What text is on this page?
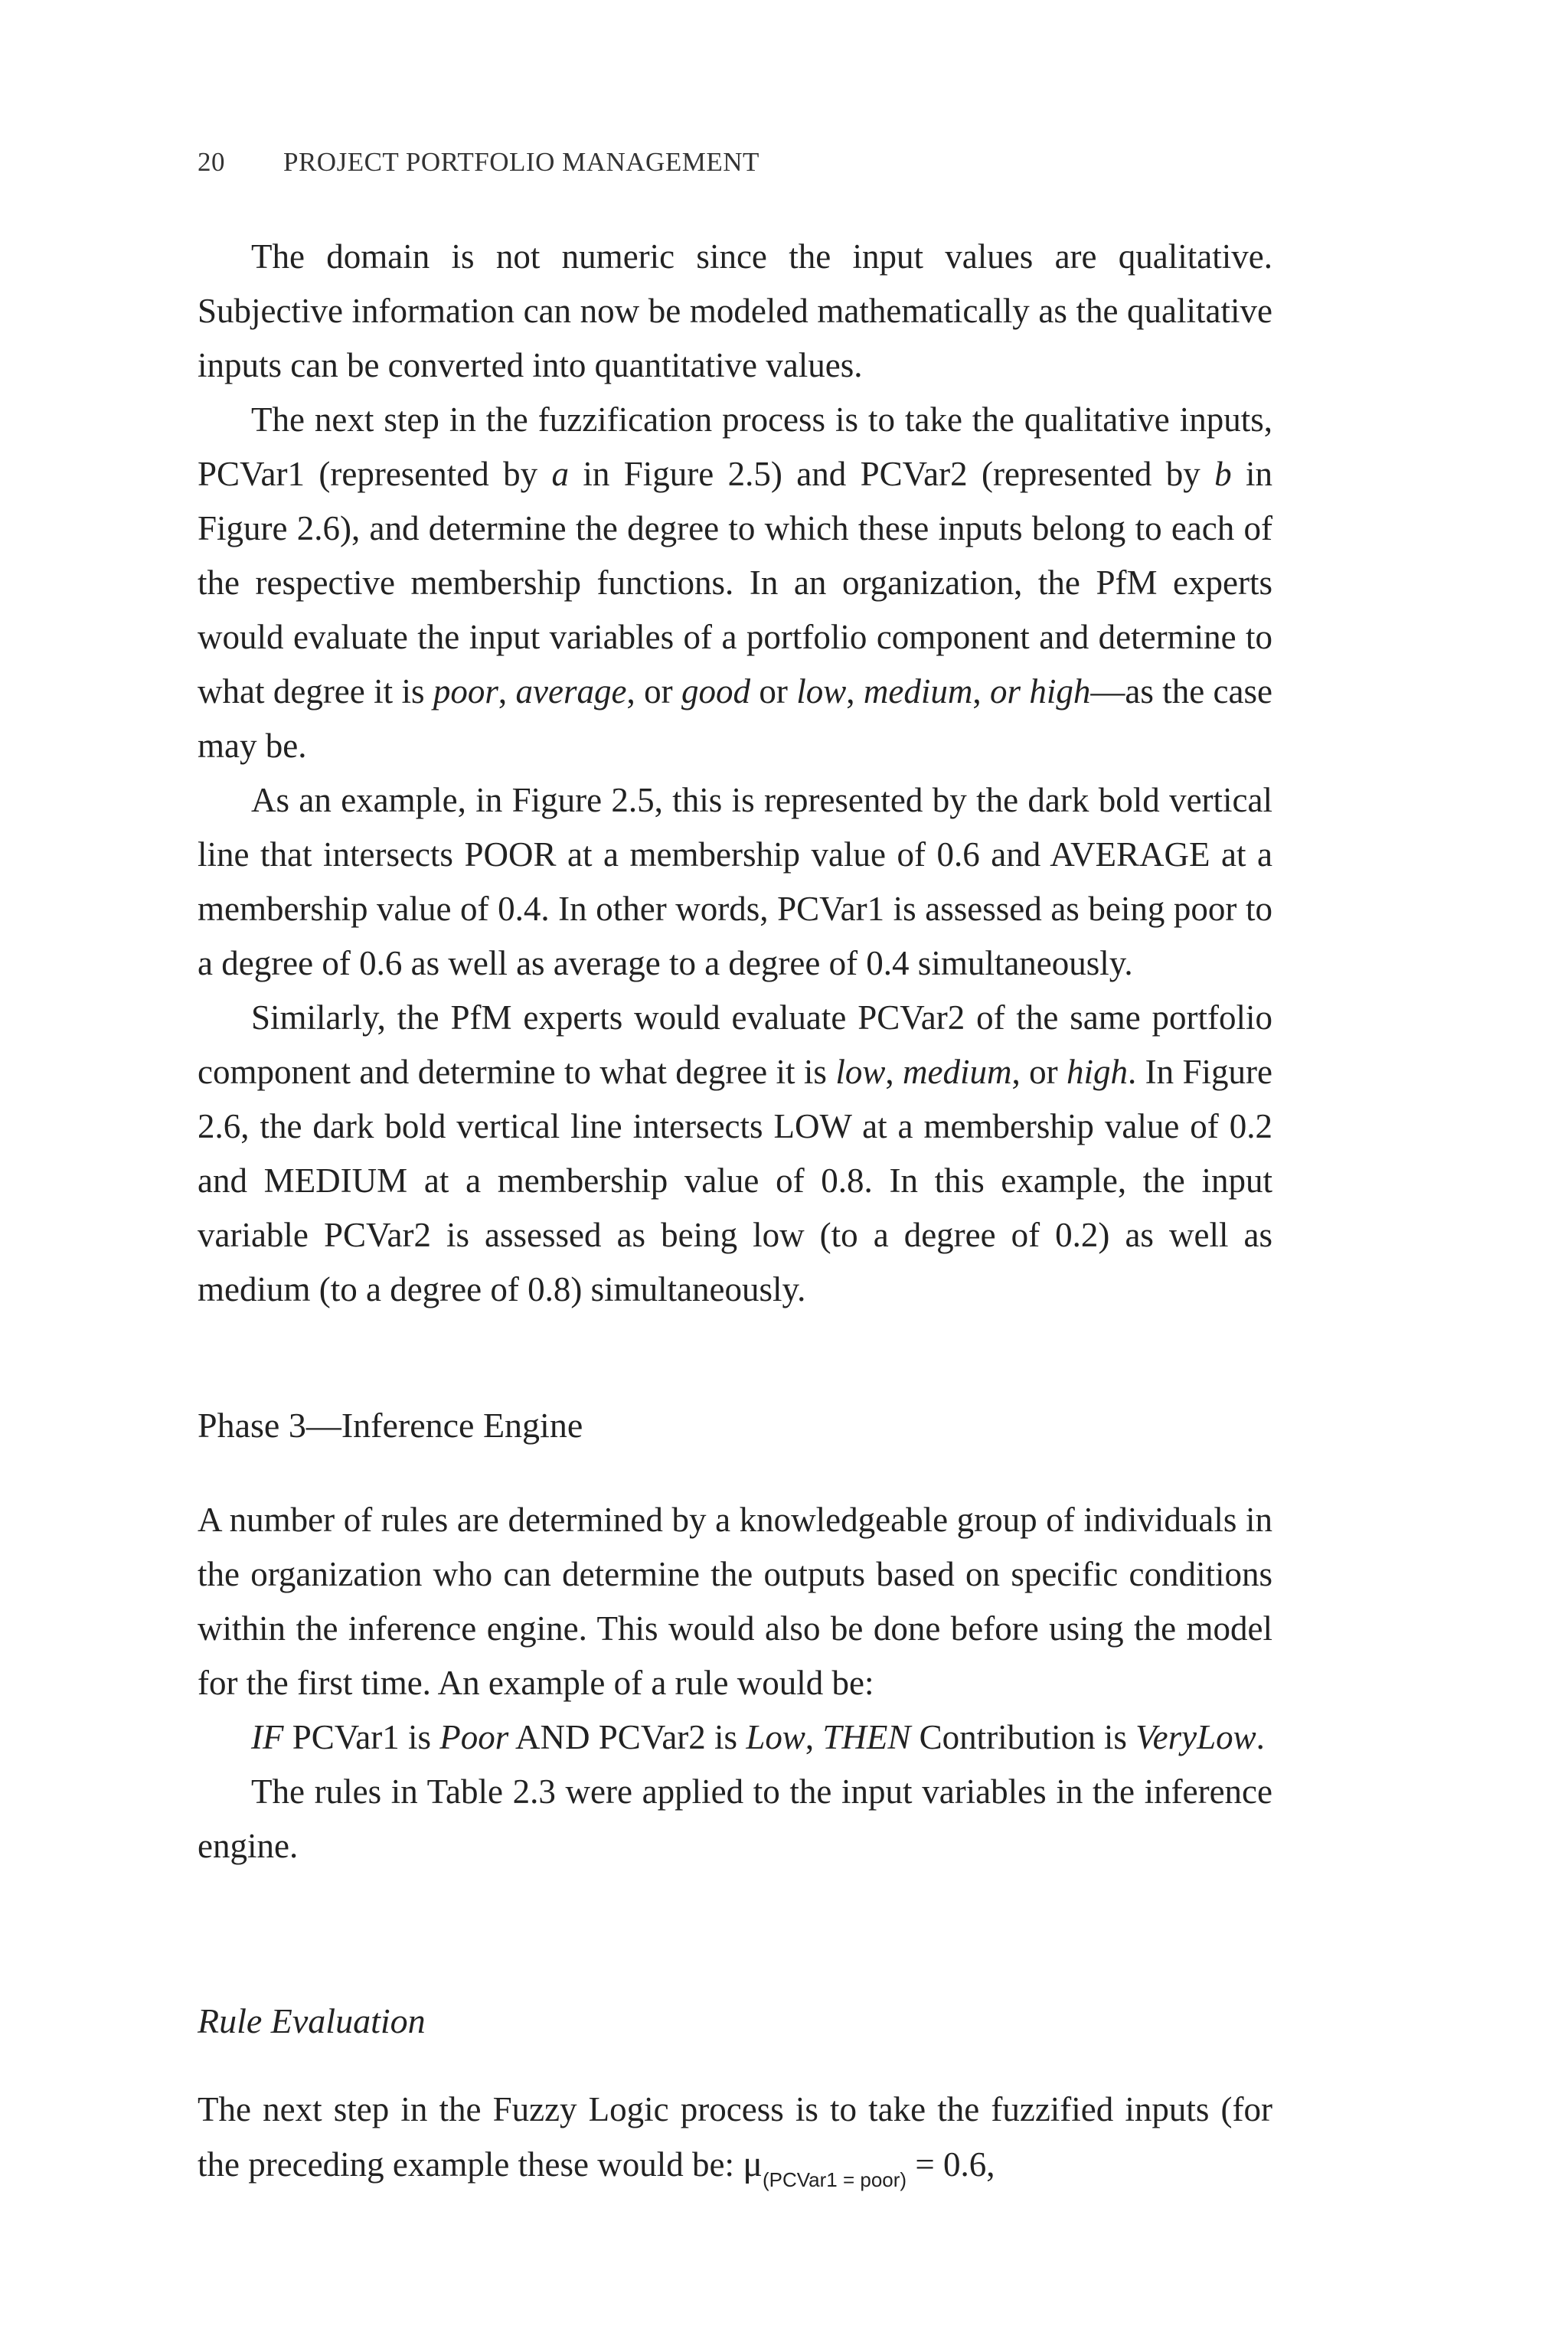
20 PROJECT PORTFOLIO MANAGEMENT

The domain is not numeric since the input values are qualitative. Subjective information can now be modeled mathematically as the qualitative inputs can be converted into quantitative values.

The next step in the fuzzification process is to take the qualitative inputs, PCVar1 (represented by a in Figure 2.5) and PCVar2 (represented by b in Figure 2.6), and determine the degree to which these inputs belong to each of the respective membership functions. In an organization, the PfM experts would evaluate the input variables of a portfolio component and determine to what degree it is poor, average, or good or low, medium, or high—as the case may be.

As an example, in Figure 2.5, this is represented by the dark bold vertical line that intersects POOR at a membership value of 0.6 and AVERAGE at a membership value of 0.4. In other words, PCVar1 is assessed as being poor to a degree of 0.6 as well as average to a degree of 0.4 simultaneously.

Similarly, the PfM experts would evaluate PCVar2 of the same portfolio component and determine to what degree it is low, medium, or high. In Figure 2.6, the dark bold vertical line intersects LOW at a membership value of 0.2 and MEDIUM at a membership value of 0.8. In this example, the input variable PCVar2 is assessed as being low (to a degree of 0.2) as well as medium (to a degree of 0.8) simultaneously.

Phase 3—Inference Engine

A number of rules are determined by a knowledgeable group of individuals in the organization who can determine the outputs based on specific conditions within the inference engine. This would also be done before using the model for the first time. An example of a rule would be:

IF PCVar1 is Poor AND PCVar2 is Low, THEN Contribution is VeryLow.

The rules in Table 2.3 were applied to the input variables in the inference engine.

Rule Evaluation

The next step in the Fuzzy Logic process is to take the fuzzified inputs (for the preceding example these would be: $\mu_{(PCVar1 = poor)} = 0.6$,
